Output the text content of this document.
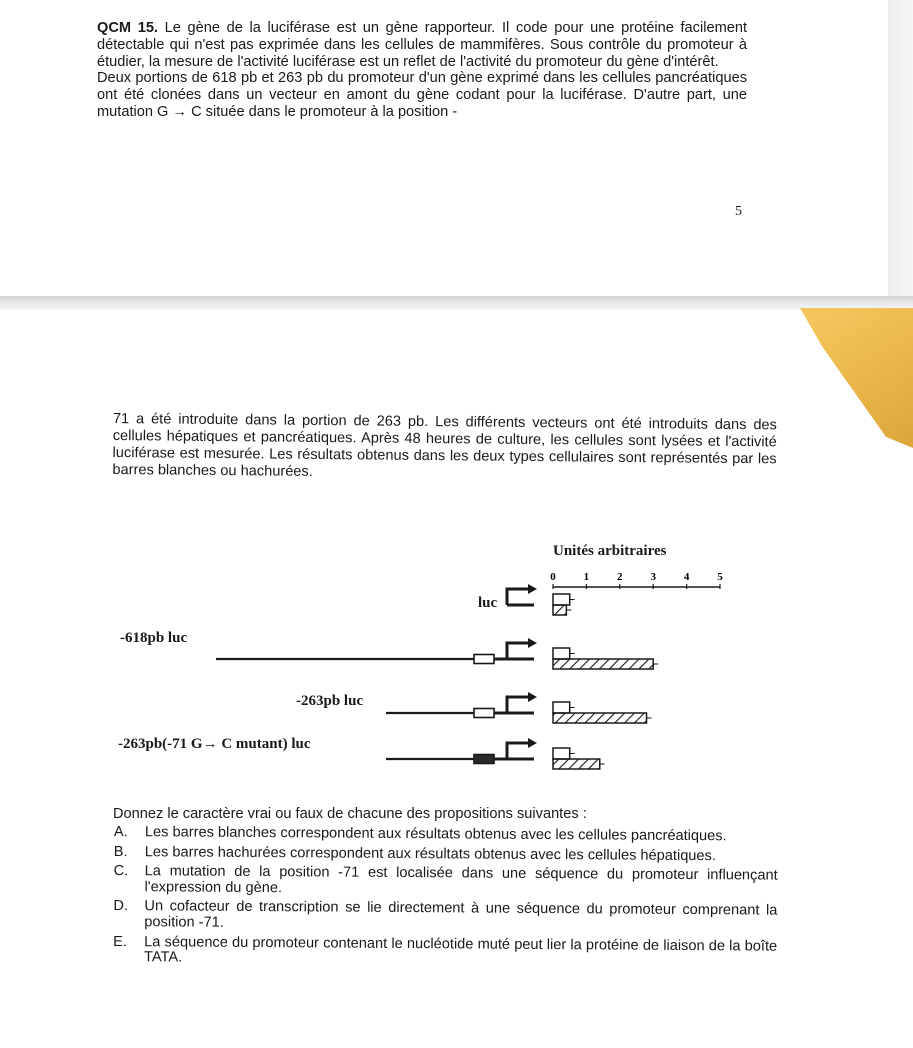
QCM 15. Le gène de la luciférase est un gène rapporteur. Il code pour une protéine facilement détectable qui n'est pas exprimée dans les cellules de mammifères. Sous contrôle du promoteur à étudier, la mesure de l'activité luciférase est un reflet de l'activité du promoteur du gène d'intérêt.
Deux portions de 618 pb et 263 pb du promoteur d'un gène exprimé dans les cellules pancréatiques ont été clonées dans un vecteur en amont du gène codant pour la luciférase. D'autre part, une mutation G → C située dans le promoteur à la position -

5

71 a été introduite dans la portion de 263 pb. Les différents vecteurs ont été introduits dans des cellules hépatiques et pancréatiques. Après 48 heures de culture, les cellules sont lysées et l'activité luciférase est mesurée. Les résultats obtenus dans les deux types cellulaires sont représentés par les barres blanches ou hachurées.

0	1	2	3	4	5
Unités arbitraires
luc
-618pb luc
-263pb luc
-263pb(-71 G→ C mutant) luc

Donnez le caractère vrai ou faux de chacune des propositions suivantes :

A. Les barres blanches correspondent aux résultats obtenus avec les cellules pancréatiques.
B. Les barres hachurées correspondent aux résultats obtenus avec les cellules hépatiques.
C. La mutation de la position -71 est localisée dans une séquence du promoteur influençant l'expression du gène.
D. Un cofacteur de transcription se lie directement à une séquence du promoteur comprenant la position -71.
E. La séquence du promoteur contenant le nucléotide muté peut lier la protéine de liaison de la boîte TATA.
